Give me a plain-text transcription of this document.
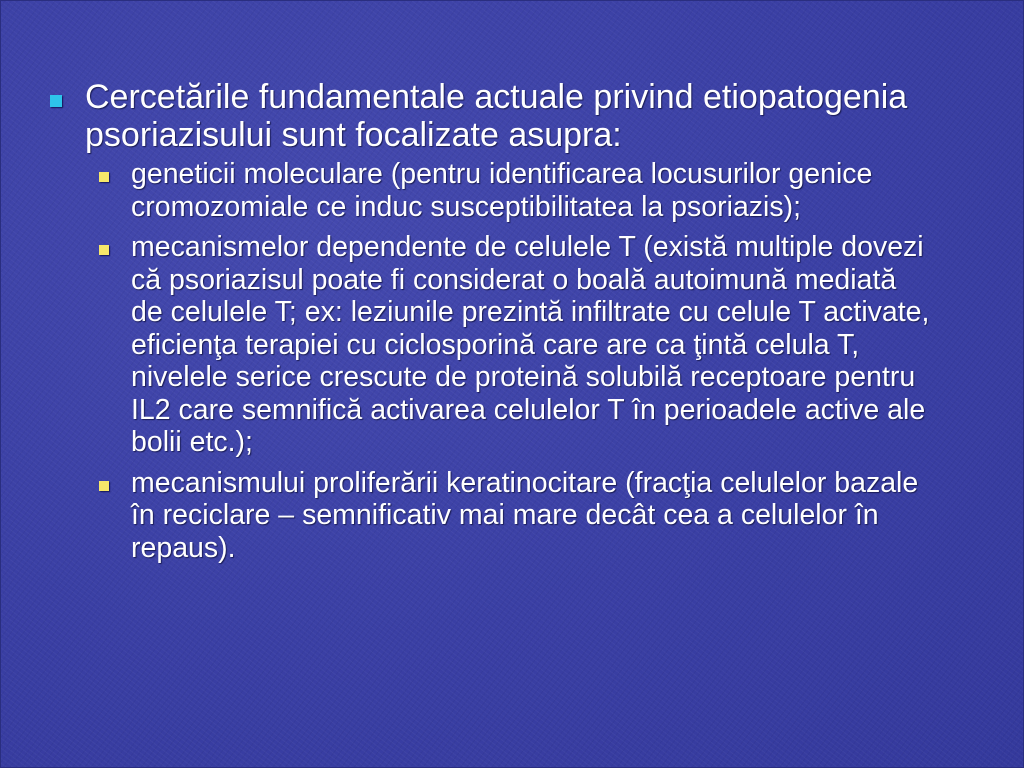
Cercetările fundamentale actuale privind etiopatogenia psoriazisului sunt focalizate asupra:
geneticii moleculare (pentru identificarea locusurilor genice cromozomiale ce induc susceptibilitatea la psoriazis);
mecanismelor dependente de celulele T (există multiple dovezi că psoriazisul poate fi considerat o boală autoimună mediată de celulele T; ex: leziunile prezintă infiltrate cu celule T activate, eficienţa terapiei cu ciclosporină care are ca ţintă celula T, nivelele serice crescute de proteină solubilă receptoare pentru IL2 care semnifică activarea celulelor T în perioadele active ale bolii etc.);
mecanismului proliferării keratinocitare (fracţia celulelor bazale în reciclare – semnificativ mai mare decât cea a celulelor în repaus).
